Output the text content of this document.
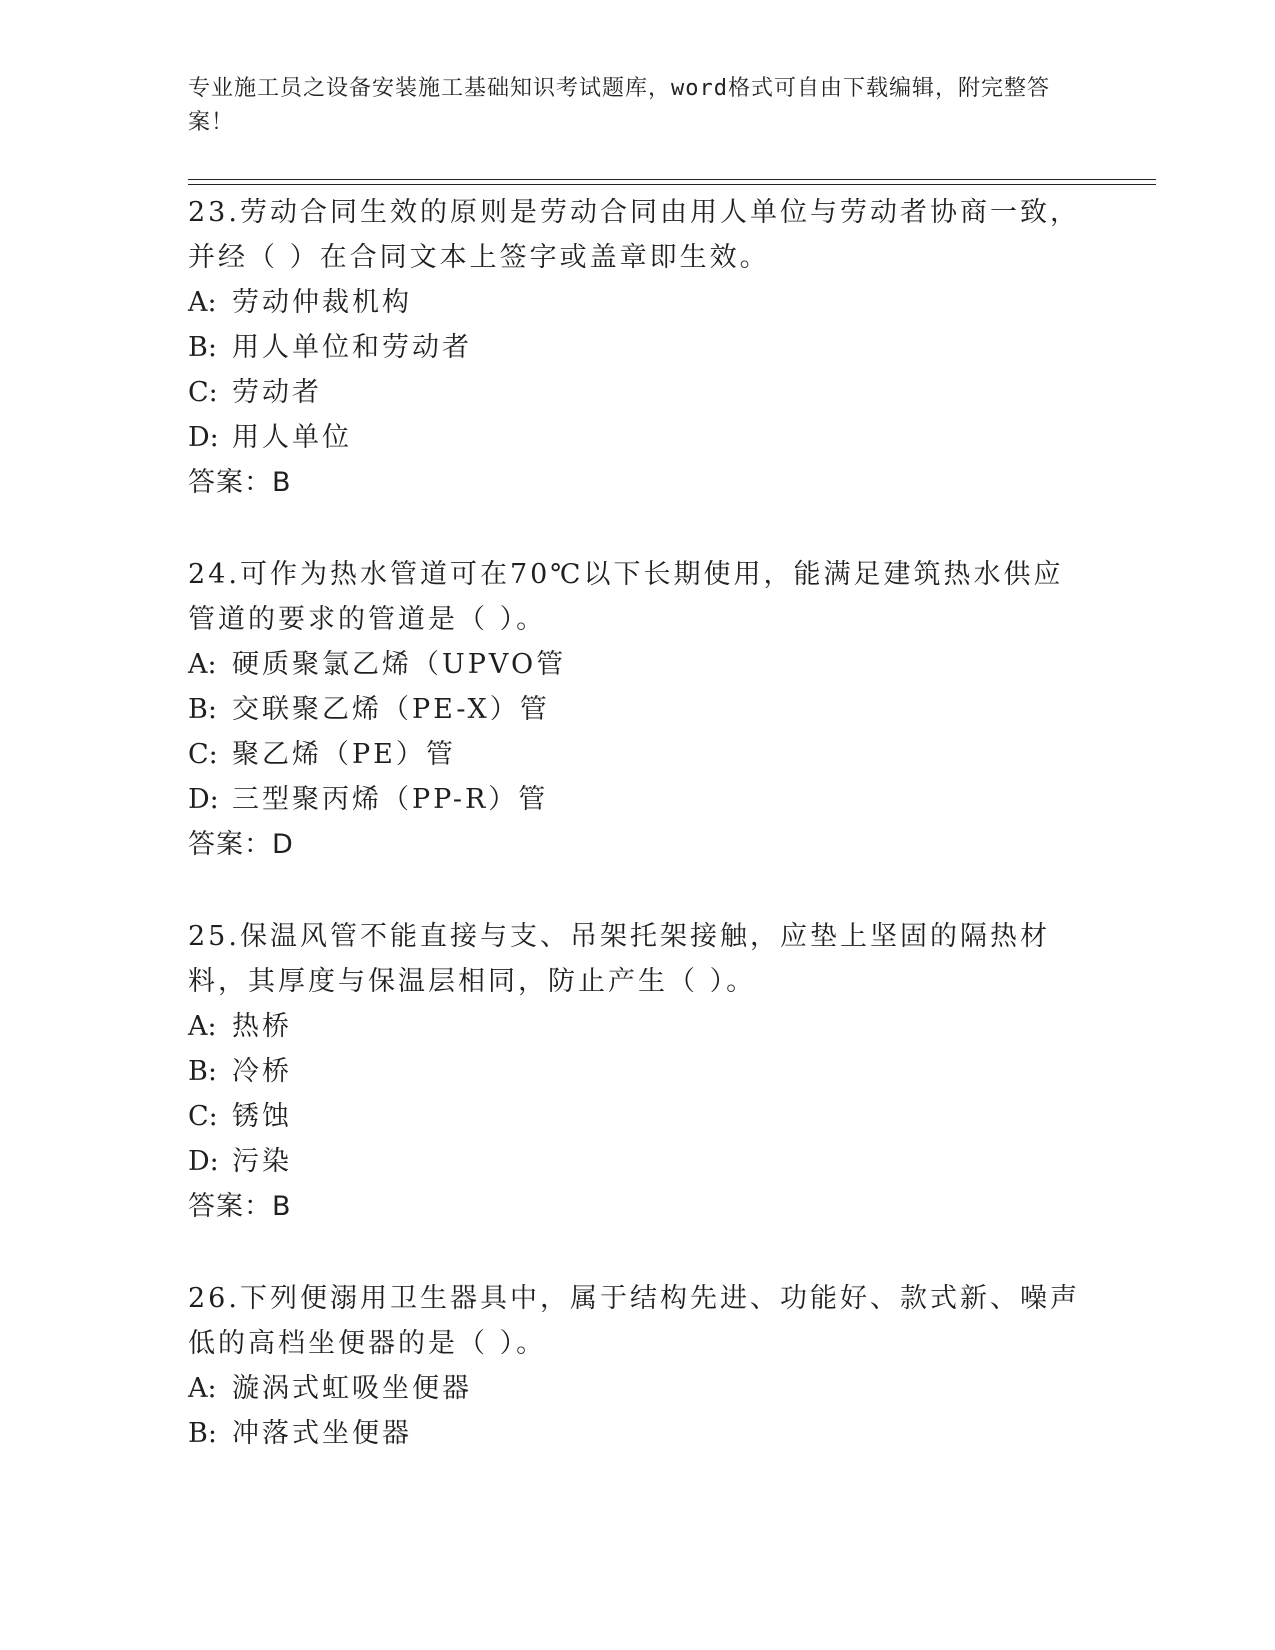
专业施工员之设备安装施工基础知识考试题库，word格式可自由下载编辑，附完整答案！
23.劳动合同生效的原则是劳动合同由用人单位与劳动者协商一致，并经（ ）在合同文本上签字或盖章即生效。
A: 劳动仲裁机构
B: 用人单位和劳动者
C: 劳动者
D: 用人单位
答案：B
24.可作为热水管道可在70℃以下长期使用，能满足建筑热水供应管道的要求的管道是（ ）。
A: 硬质聚氯乙烯（UPVO管
B: 交联聚乙烯（PE-X）管
C: 聚乙烯（PE）管
D: 三型聚丙烯（PP-R）管
答案：D
25.保温风管不能直接与支、吊架托架接触，应垫上坚固的隔热材料，其厚度与保温层相同，防止产生（ ）。
A: 热桥
B: 冷桥
C: 锈蚀
D: 污染
答案：B
26.下列便溺用卫生器具中，属于结构先进、功能好、款式新、噪声低的高档坐便器的是（ ）。
A: 漩涡式虹吸坐便器
B: 冲落式坐便器
